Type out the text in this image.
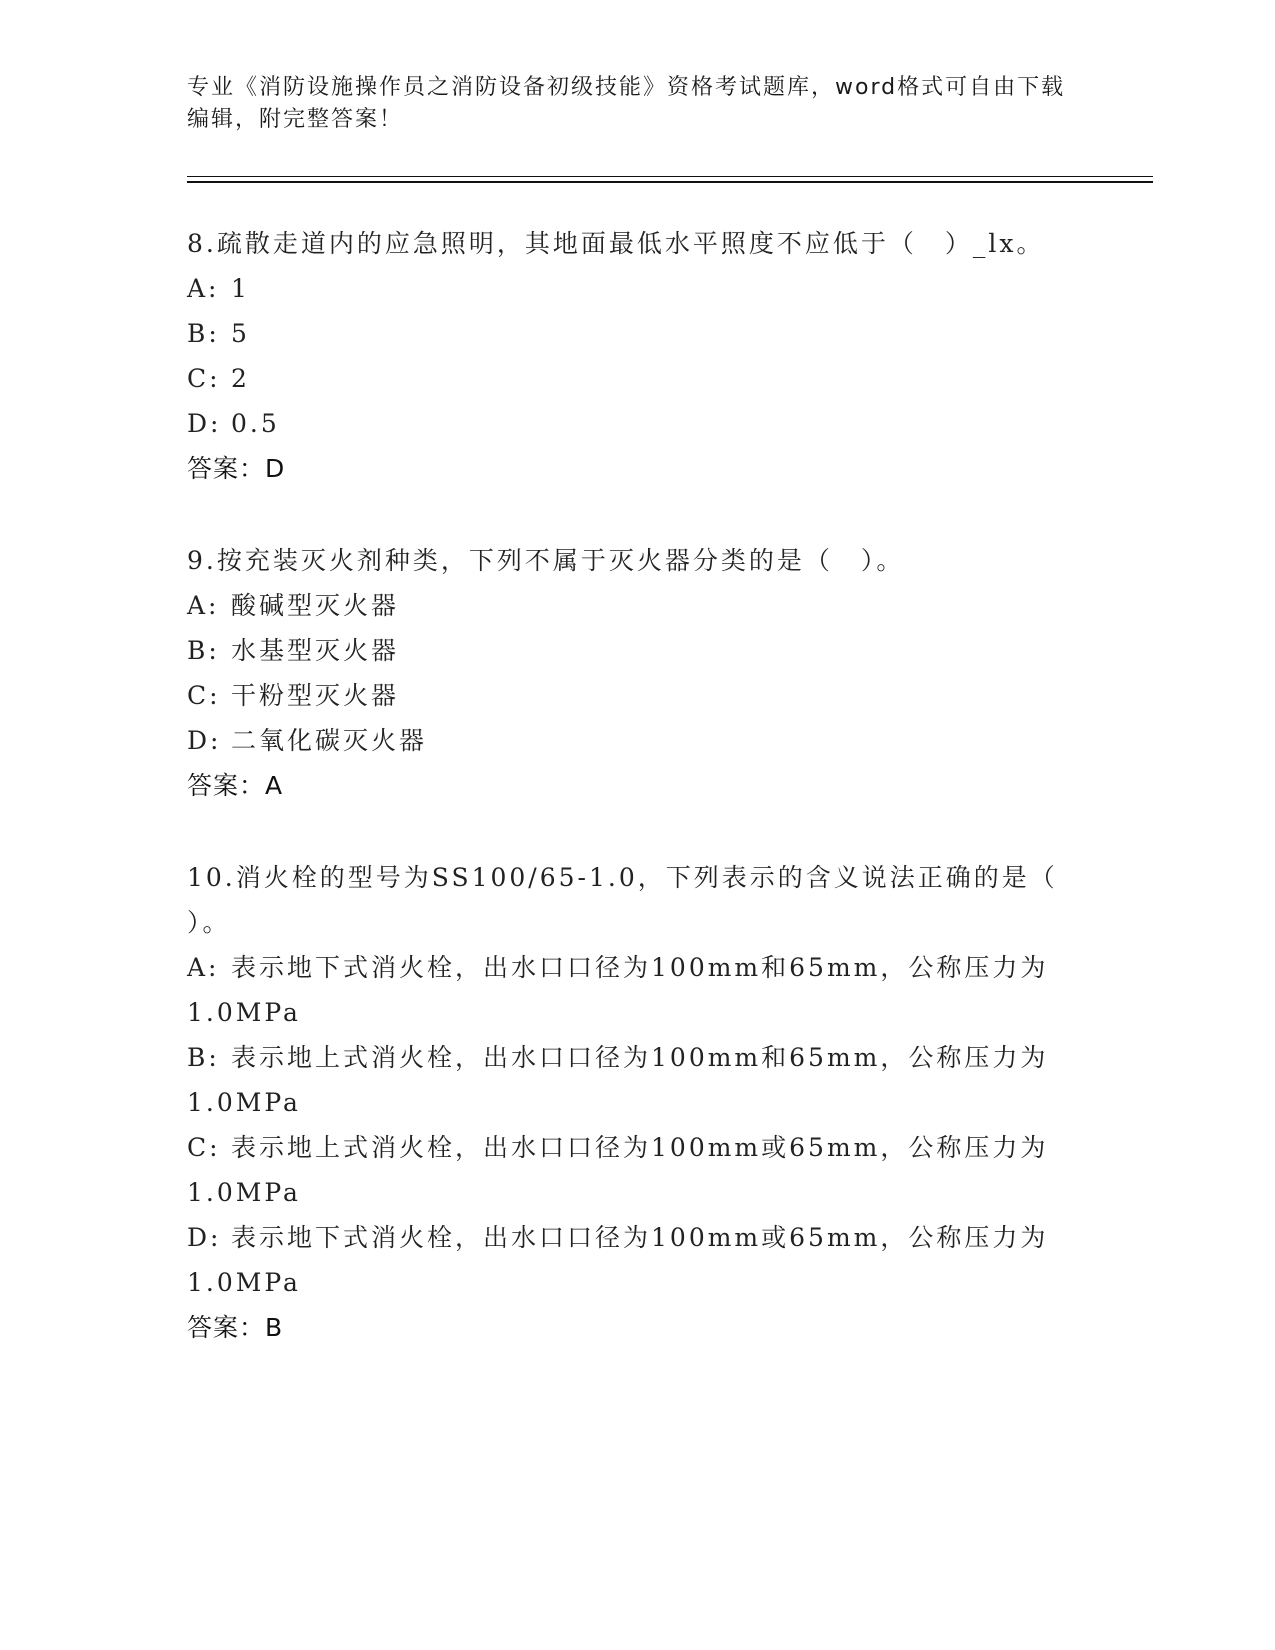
专业《消防设施操作员之消防设备初级技能》资格考试题库，word格式可自由下载编辑，附完整答案！
8.疏散走道内的应急照明，其地面最低水平照度不应低于（　）_lx。
A: 1
B: 5
C: 2
D: 0.5
答案：D
9.按充装灭火剂种类，下列不属于灭火器分类的是（　）。
A: 酸碱型灭火器
B: 水基型灭火器
C: 干粉型灭火器
D: 二氧化碳灭火器
答案：A
10.消火栓的型号为SS100/65-1.0，下列表示的含义说法正确的是（
）。
A: 表示地下式消火栓，出水口口径为100mm和65mm，公称压力为
1.0MPa
B: 表示地上式消火栓，出水口口径为100mm和65mm，公称压力为
1.0MPa
C: 表示地上式消火栓，出水口口径为100mm或65mm，公称压力为
1.0MPa
D: 表示地下式消火栓，出水口口径为100mm或65mm，公称压力为
1.0MPa
答案：B
